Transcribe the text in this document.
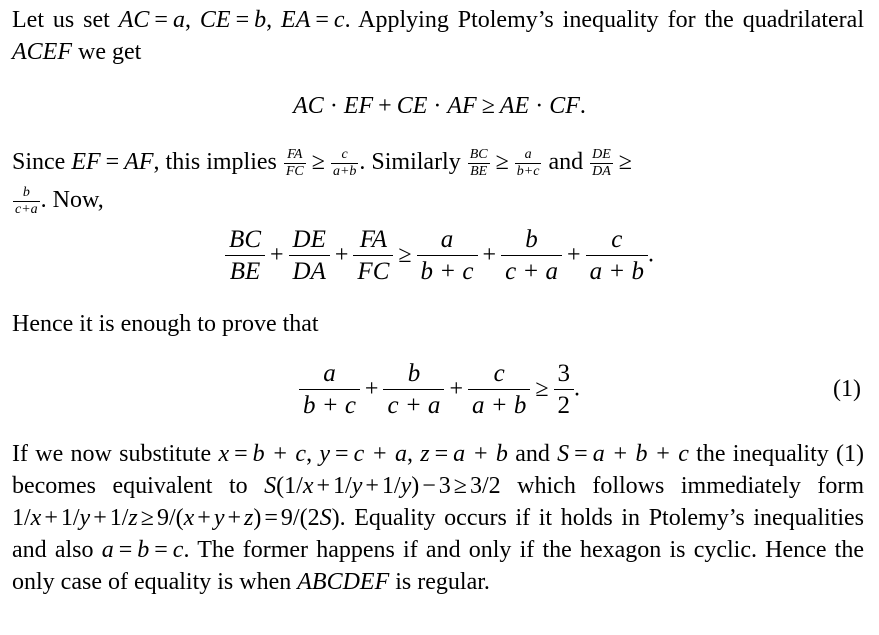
Let us set AC = a, CE = b, EA = c. Applying Ptolemy’s inequality for the quadrilateral ACEF we get
AC · EF + CE · AF ≥ AE · CF.
Since EF = AF, this implies $\frac{FA}{FC} \ge \frac{c}{a+b}$ . Similarly $\frac{BC}{BE} \ge \frac{a}{b+c}$ and $\frac{DE}{DA}$ ≥
$\frac{b}{c+a}$ . Now,
$\frac{BC}{BE} + \frac{DE}{DA} + \frac{FA}{FC} \ge \frac{a}{b + c} + \frac{b}{c + a} + \frac{c}{a + b}$ .
Hence it is enough to prove that
$\frac{a}{b + c} + \frac{b}{c + a} + \frac{c}{a + b} \ge \frac{3}{2}$ .	(1)
If we now substitute x = b + c, y = c + a, z = a + b and S = a + b + c the inequality (1) becomes equivalent to S(1/x + 1/y + 1/y) − 3 ≥ 3/2 which follows immediately form 1/x + 1/y + 1/z ≥ 9/(x + y + z) = 9/(2S). Equality occurs if it holds in Ptolemy’s inequalities and also a = b = c. The former happens if and only if the hexagon is cyclic. Hence the only case of equality is when ABCDEF is regular.
